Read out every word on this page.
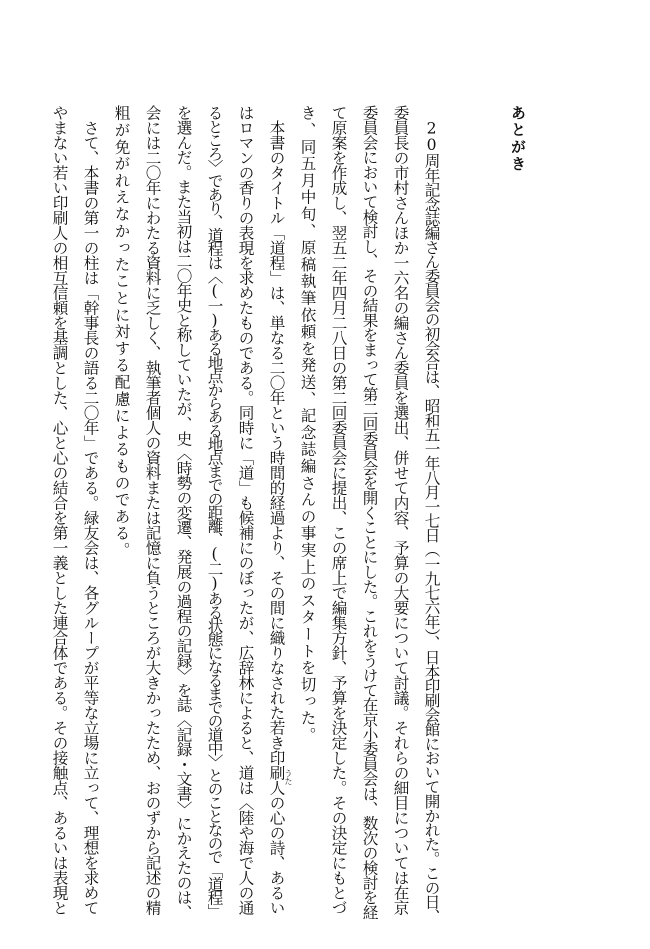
あとがき

　20周年記念誌編さん委員会の初会合は、昭和五一年八月一七日（一九七六年）、日本印刷会館において開かれた。この日、

委員長の市村さんほか一六名の編さん委員を選出、併せて内容、予算の大要について討議。それらの細目については在京

委員会において検討し、その結果をまって第二回委員会を開くことにした。これをうけて在京小委員会は、数次の検討を経

て原案を作成し、翌五二年四月二八日の第二回委員会に提出、この席上で編集方針、予算を決定した。その決定にもとづ

き、同五月中旬、原稿執筆依頼を発送、記念誌編さんの事実上のスタートを切った。

　本書のタイトル「道程」は、単なる二〇年という時間的経過より、その間に織りなされた若き印刷人の心の詩、あるい

はロマンの香りの表現を求めたものである。同時に「道」も候補にのぼったが、広辞林によると、道は〈陸や海で人の通

るところ〉であり、道程は〈(一)ある地点からある地点までの距離、(二)ある状態になるまでの道中〉とのことなので「道程」

を選んだ。また当初は二〇年史と称していたが、史〈時勢の変遷、発展の過程の記録〉を誌〈記録・文書〉にかえたのは、

会には二〇年にわたる資料に乏しく、執筆者個人の資料または記憶に負うところが大きかったため、おのずから記述の精

粗が免がれえなかったことに対する配慮によるものである。

　さて、本書の第一の柱は「幹事長の語る二〇年」である。緑友会は、各グループが平等な立場に立って、理想を求めて

やまない若い印刷人の相互信頼を基調とした、心と心の結合を第一義とした連合体である。その接触点、あるいは表現と	うた
